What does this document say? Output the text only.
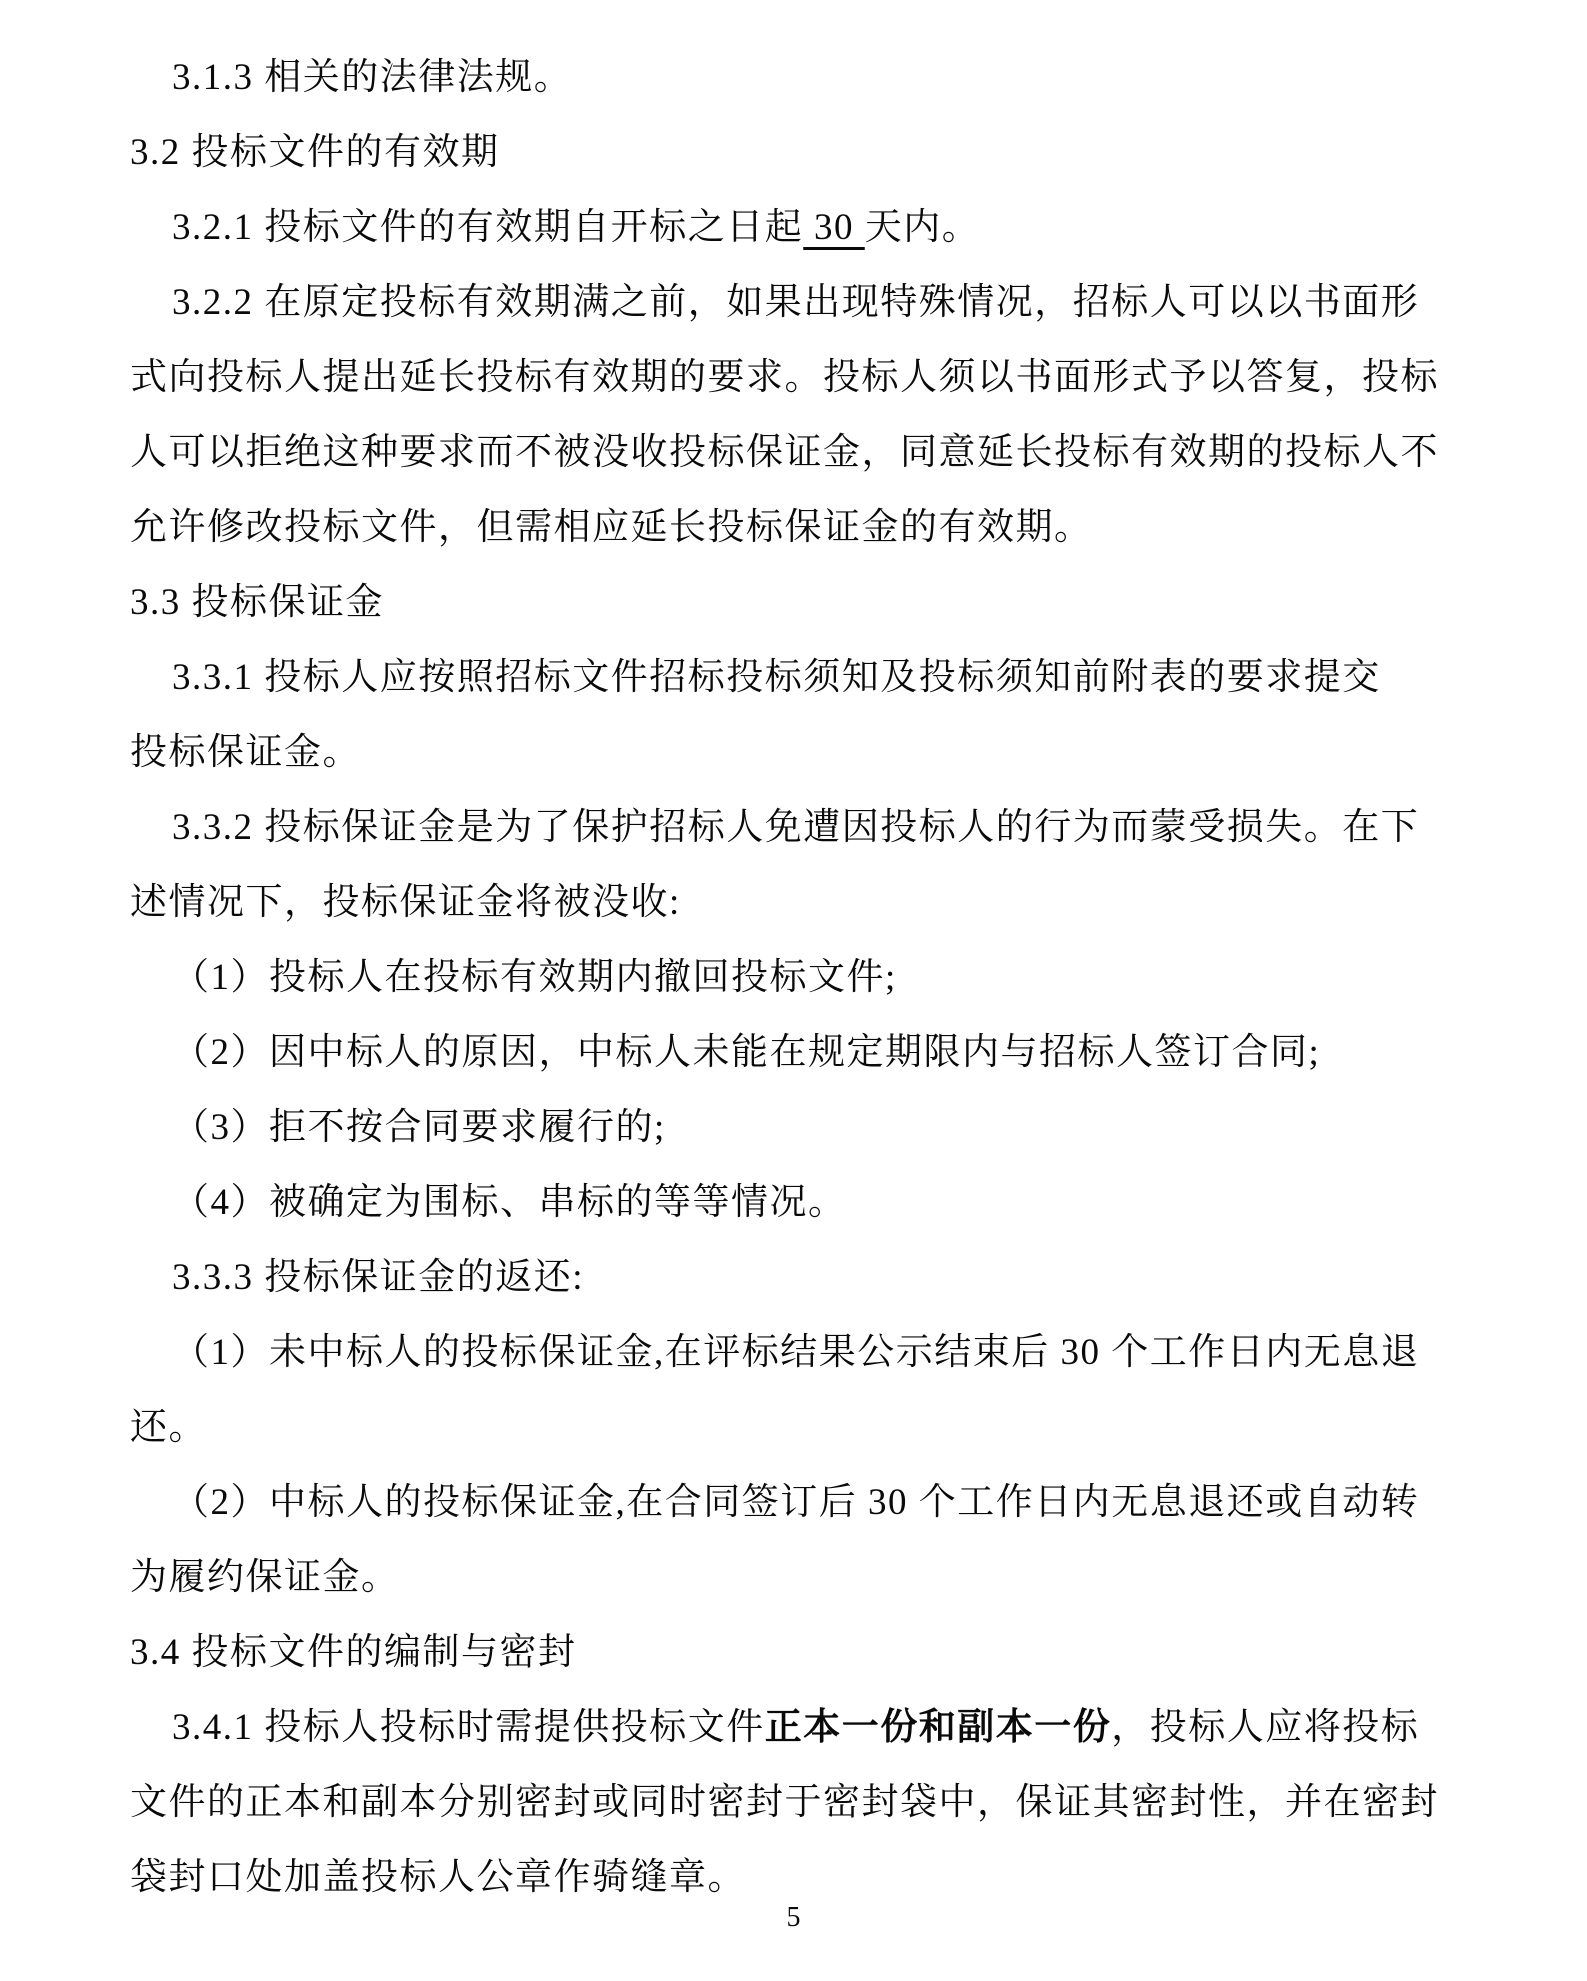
3.1.3 相关的法律法规。
3.2 投标文件的有效期
3.2.1 投标文件的有效期自开标之日起 30 天内。
3.2.2 在原定投标有效期满之前，如果出现特殊情况，招标人可以以书面形
式向投标人提出延长投标有效期的要求。投标人须以书面形式予以答复，投标
人可以拒绝这种要求而不被没收投标保证金，同意延长投标有效期的投标人不
允许修改投标文件，但需相应延长投标保证金的有效期。
3.3 投标保证金
3.3.1 投标人应按照招标文件招标投标须知及投标须知前附表的要求提交
投标保证金。
3.3.2 投标保证金是为了保护招标人免遭因投标人的行为而蒙受损失。在下
述情况下，投标保证金将被没收:
（1）投标人在投标有效期内撤回投标文件;
（2）因中标人的原因，中标人未能在规定期限内与招标人签订合同;
（3）拒不按合同要求履行的;
（4）被确定为围标、串标的等等情况。
3.3.3 投标保证金的返还:
（1）未中标人的投标保证金,在评标结果公示结束后 30 个工作日内无息退
还。
（2）中标人的投标保证金,在合同签订后 30 个工作日内无息退还或自动转
为履约保证金。
3.4 投标文件的编制与密封
3.4.1 投标人投标时需提供投标文件正本一份和副本一份，投标人应将投标
文件的正本和副本分别密封或同时密封于密封袋中，保证其密封性，并在密封
袋封口处加盖投标人公章作骑缝章。
5
